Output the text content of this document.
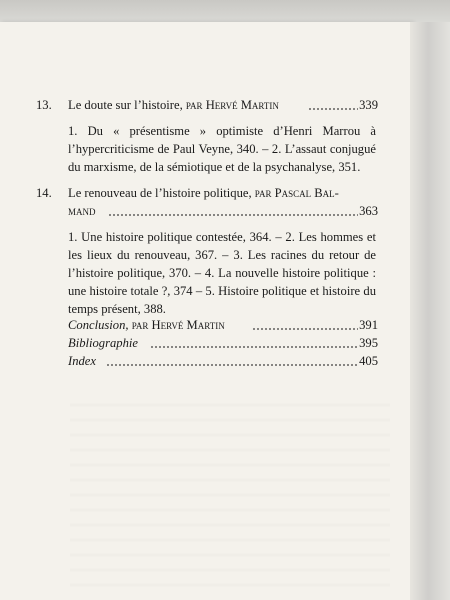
13. Le doute sur l’histoire, par Hervé Martin	339
1. Du « présentisme » optimiste d’Henri Marrou à l’hypercriticisme de Paul Veyne, 340. – 2. L’assaut conjugué du marxisme, de la sémiotique et de la psychanalyse, 351.
14. Le renouveau de l’histoire politique, par Pascal Bal-
mand	363
1. Une histoire politique contestée, 364. – 2. Les hommes et les lieux du renouveau, 367. – 3. Les racines du retour de l’histoire politique, 370. – 4. La nouvelle histoire politique : une histoire totale ?, 374 – 5. Histoire politique et histoire du temps présent, 388.
Conclusion, par Hervé Martin	391
Bibliographie	395
Index	405
